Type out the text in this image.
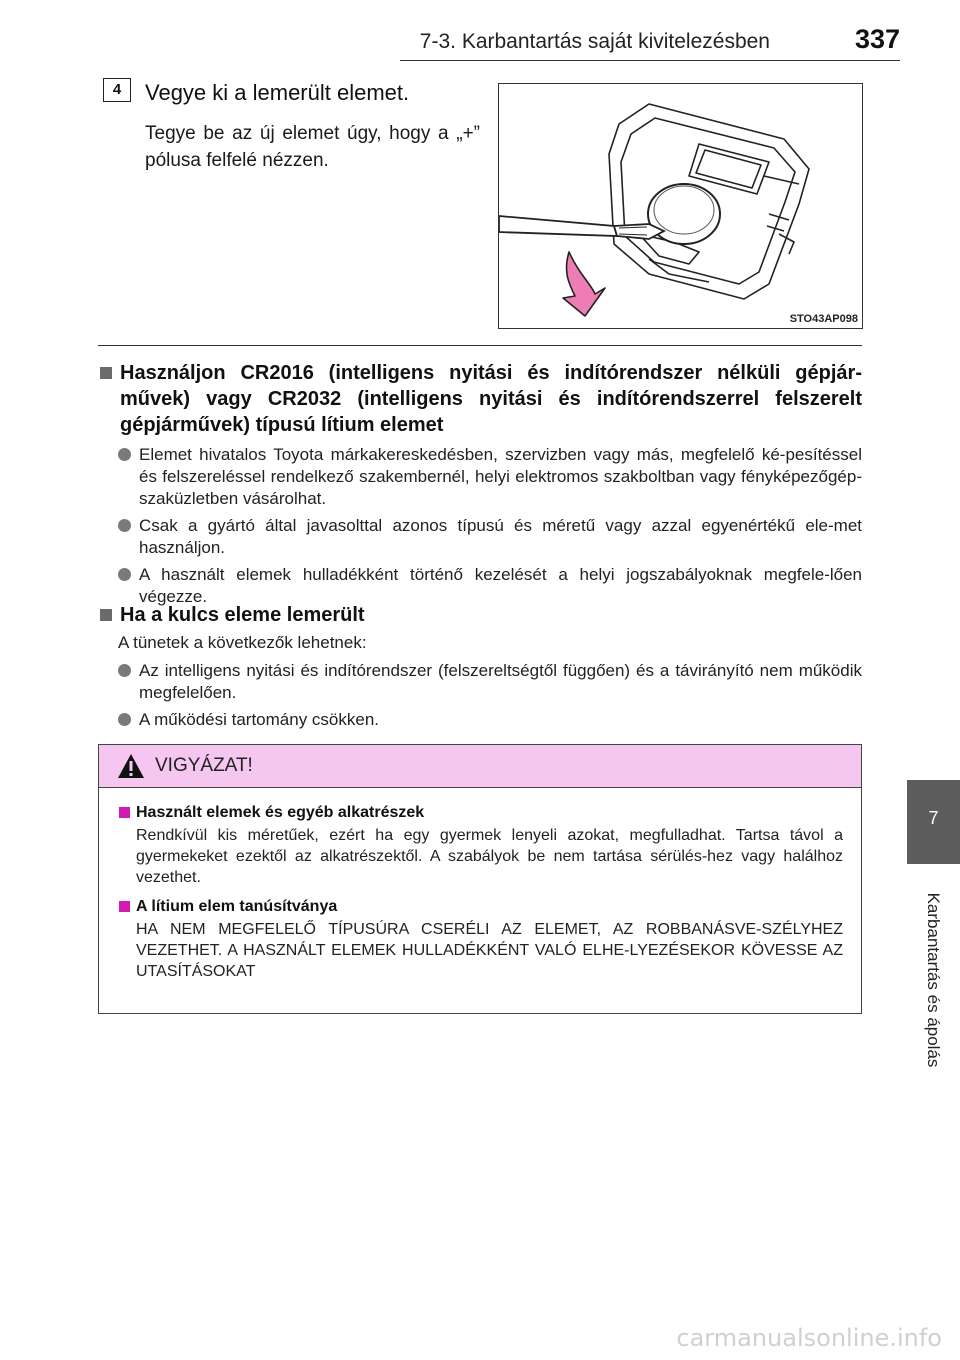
7-3. Karbantartás saját kivitelezésben	337
4	Vegye ki a lemerült elemet.
Tegye be az új elemet úgy, hogy a „+” pólusa felfelé nézzen.
STO43AP098
Használjon CR2016 (intelligens nyitási és indítórendszer nélküli gépjár-művek) vagy CR2032 (intelligens nyitási és indítórendszerrel felszerelt gépjárművek) típusú lítium elemet
Elemet hivatalos Toyota márkakereskedésben, szervizben vagy más, megfelelő ké-pesítéssel és felszereléssel rendelkező szakembernél, helyi elektromos szakboltban vagy fényképezőgép-szaküzletben vásárolhat.
Csak a gyártó által javasolttal azonos típusú és méretű vagy azzal egyenértékű ele-met használjon.
A használt elemek hulladékként történő kezelését a helyi jogszabályoknak megfele-lően végezze.
Ha a kulcs eleme lemerült
A tünetek a következők lehetnek:
Az intelligens nyitási és indítórendszer (felszereltségtől függően) és a távirányító nem működik megfelelően.
A működési tartomány csökken.
VIGYÁZAT!
Használt elemek és egyéb alkatrészek
Rendkívül kis méretűek, ezért ha egy gyermek lenyeli azokat, megfulladhat. Tartsa távol a gyermekeket ezektől az alkatrészektől. A szabályok be nem tartása sérülés-hez vagy halálhoz vezethet.
A lítium elem tanúsítványa
HA NEM MEGFELELŐ TÍPUSÚRA CSERÉLI AZ ELEMET, AZ ROBBANÁSVE-SZÉLYHEZ VEZETHET. A HASZNÁLT ELEMEK HULLADÉKKÉNT VALÓ ELHE-LYEZÉSEKOR KÖVESSE AZ UTASÍTÁSOKAT
7
Karbantartás és ápolás
carmanualsonline.info
